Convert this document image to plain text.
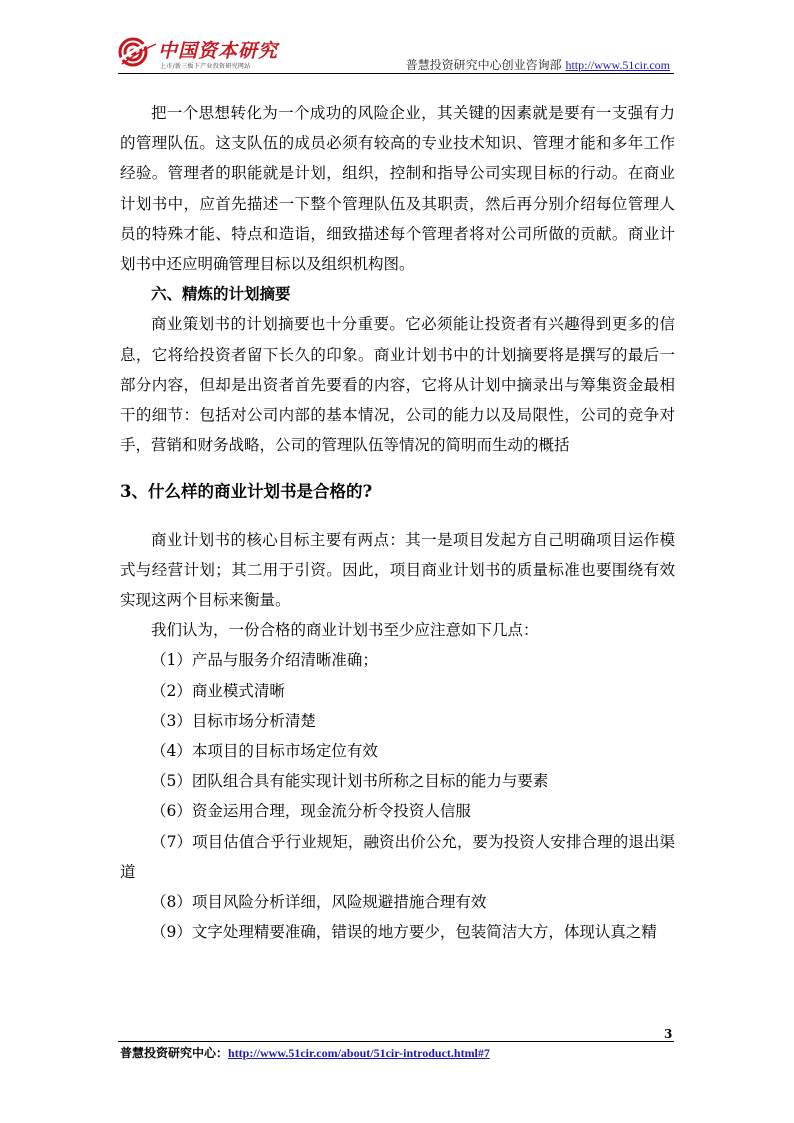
中国资本研究
上市/新三板下产业投资研究网站	普慧投资研究中心创业咨询部 http://www.51cir.com

把一个思想转化为一个成功的风险企业，其关键的因素就是要有一支强有力的管理队伍。这支队伍的成员必须有较高的专业技术知识、管理才能和多年工作经验。管理者的职能就是计划，组织，控制和指导公司实现目标的行动。在商业计划书中，应首先描述一下整个管理队伍及其职责，然后再分别介绍每位管理人员的特殊才能、特点和造诣，细致描述每个管理者将对公司所做的贡献。商业计划书中还应明确管理目标以及组织机构图。

六、精炼的计划摘要

商业策划书的计划摘要也十分重要。它必须能让投资者有兴趣得到更多的信息，它将给投资者留下长久的印象。商业计划书中的计划摘要将是撰写的最后一部分内容，但却是出资者首先要看的内容，它将从计划中摘录出与筹集资金最相干的细节：包括对公司内部的基本情况，公司的能力以及局限性，公司的竞争对手，营销和财务战略，公司的管理队伍等情况的简明而生动的概括

3、什么样的商业计划书是合格的?

商业计划书的核心目标主要有两点：其一是项目发起方自己明确项目运作模式与经营计划；其二用于引资。因此，项目商业计划书的质量标准也要围绕有效实现这两个目标来衡量。

我们认为，一份合格的商业计划书至少应注意如下几点：

（1）产品与服务介绍清晰准确；

（2）商业模式清晰

（3）目标市场分析清楚

（4）本项目的目标市场定位有效

（5）团队组合具有能实现计划书所称之目标的能力与要素

（6）资金运用合理，现金流分析令投资人信服

（7）项目估值合乎行业规矩，融资出价公允，要为投资人安排合理的退出渠道

（8）项目风险分析详细，风险规避措施合理有效

（9）文字处理精要准确，错误的地方要少，包装简洁大方，体现认真之精

3
普慧投资研究中心：http://www.51cir.com/about/51cir-introduct.html#7
